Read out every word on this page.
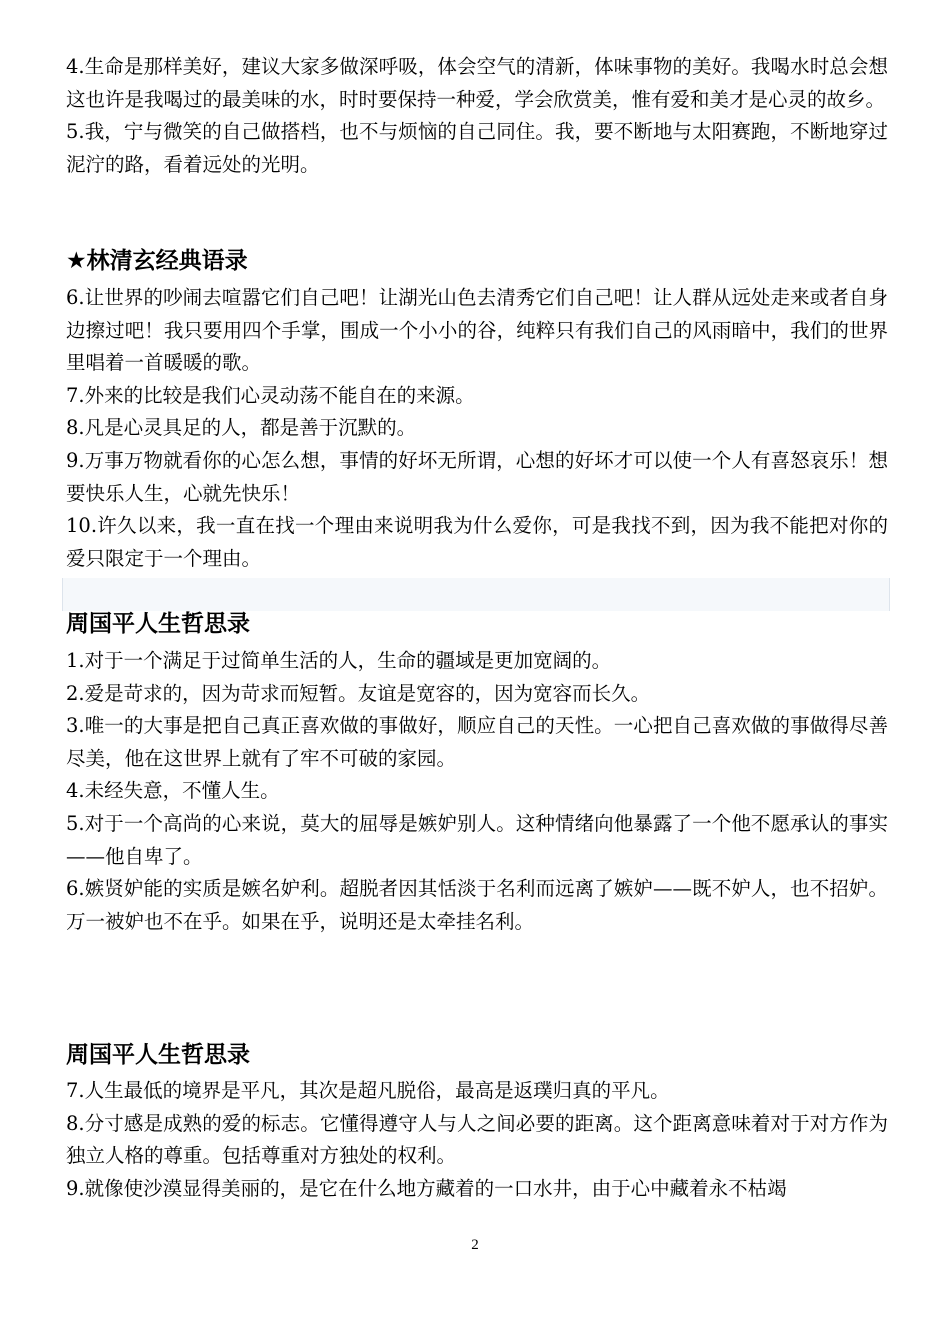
4.生命是那样美好，建议大家多做深呼吸，体会空气的清新，体味事物的美好。我喝水时总会想这也许是我喝过的最美味的水，时时要保持一种爱，学会欣赏美，惟有爱和美才是心灵的故乡。

5.我，宁与微笑的自己做搭档，也不与烦恼的自己同住。我，要不断地与太阳赛跑，不断地穿过泥泞的路，看着远处的光明。

★林清玄经典语录

6.让世界的吵闹去喧嚣它们自己吧！让湖光山色去清秀它们自己吧！让人群从远处走来或者自身边擦过吧！我只要用四个手掌，围成一个小小的谷，纯粹只有我们自己的风雨暗中，我们的世界里唱着一首暖暖的歌。

7.外来的比较是我们心灵动荡不能自在的来源。

8.凡是心灵具足的人，都是善于沉默的。

9.万事万物就看你的心怎么想，事情的好坏无所谓，心想的好坏才可以使一个人有喜怒哀乐！想要快乐人生，心就先快乐！

10.许久以来，我一直在找一个理由来说明我为什么爱你，可是我找不到，因为我不能把对你的爱只限定于一个理由。

周国平人生哲思录

1.对于一个满足于过简单生活的人，生命的疆域是更加宽阔的。

2.爱是苛求的，因为苛求而短暂。友谊是宽容的，因为宽容而长久。

3.唯一的大事是把自己真正喜欢做的事做好，顺应自己的天性。一心把自己喜欢做的事做得尽善尽美，他在这世界上就有了牢不可破的家园。

4.未经失意，不懂人生。

5.对于一个高尚的心来说，莫大的屈辱是嫉妒别人。这种情绪向他暴露了一个他不愿承认的事实——他自卑了。

6.嫉贤妒能的实质是嫉名妒利。超脱者因其恬淡于名利而远离了嫉妒——既不妒人，也不招妒。万一被妒也不在乎。如果在乎，说明还是太牵挂名利。

周国平人生哲思录

7.人生最低的境界是平凡，其次是超凡脱俗，最高是返璞归真的平凡。

8.分寸感是成熟的爱的标志。它懂得遵守人与人之间必要的距离。这个距离意味着对于对方作为独立人格的尊重。包括尊重对方独处的权利。

9.就像使沙漠显得美丽的，是它在什么地方藏着的一口水井，由于心中藏着永不枯竭

2
